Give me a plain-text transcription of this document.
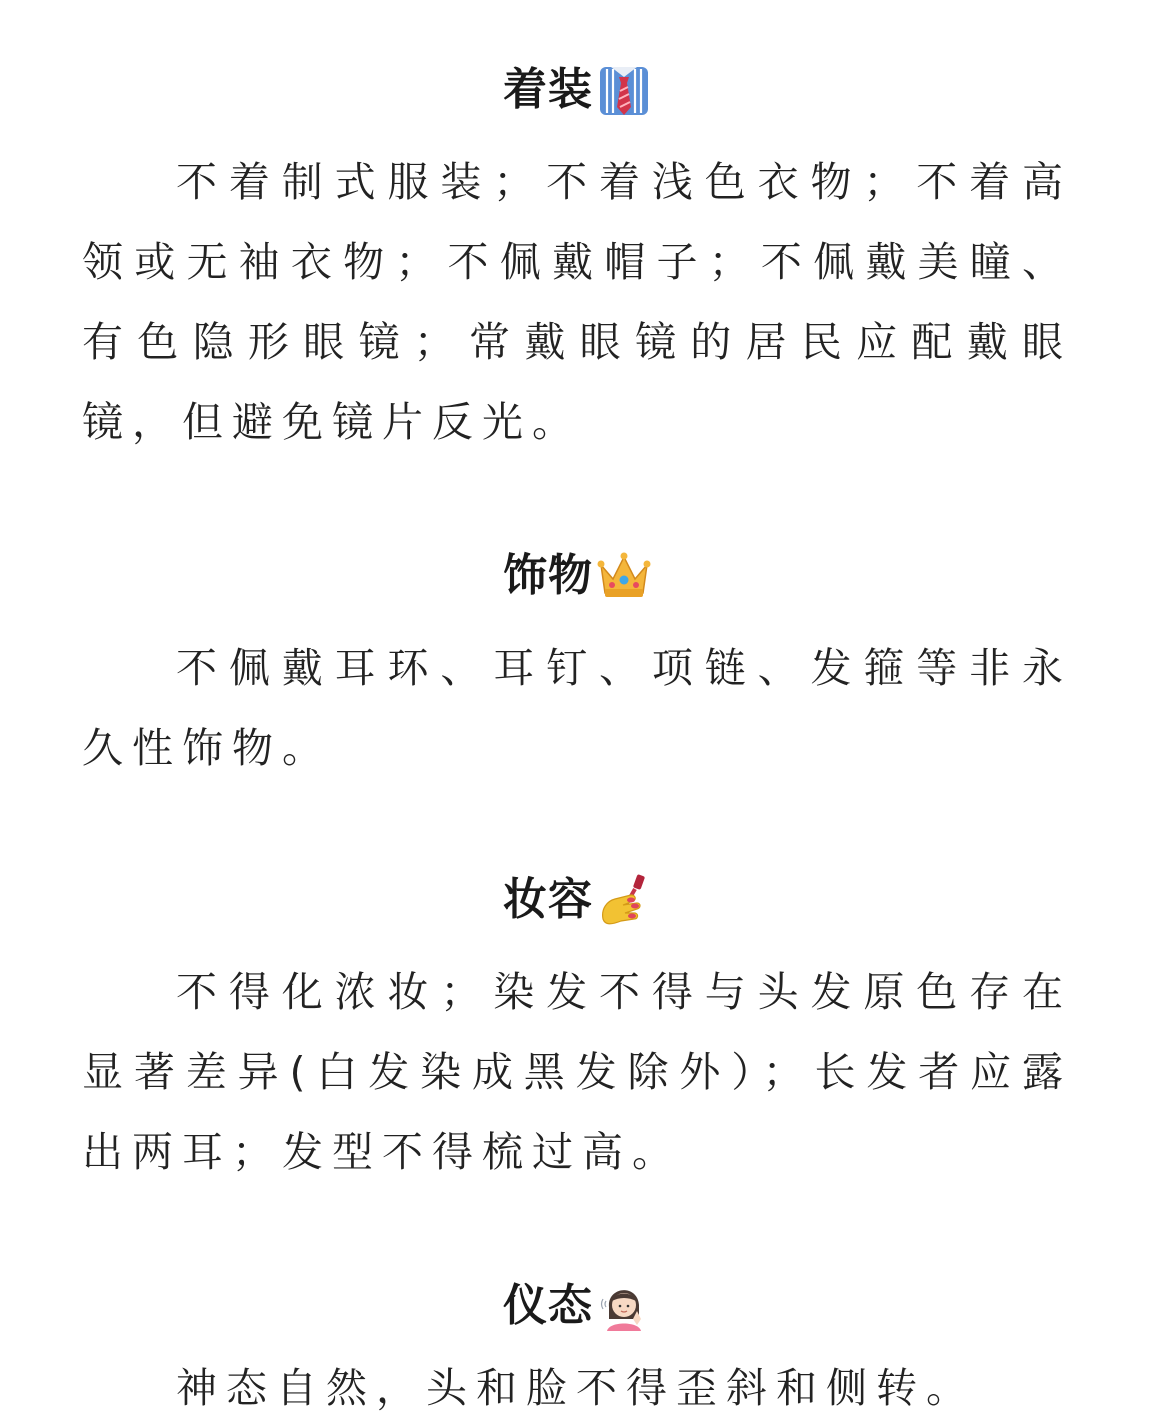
着装

不着制式服装；不着浅色衣物；不着高领或无袖衣物；不佩戴帽子；不佩戴美瞳、有色隐形眼镜；常戴眼镜的居民应配戴眼镜，但避免镜片反光。

饰物

不佩戴耳环、耳钉、项链、发箍等非永久性饰物。

妆容

不得化浓妆；染发不得与头发原色存在显著差异(白发染成黑发除外）；长发者应露出两耳；发型不得梳过高。

仪态

神态自然，头和脸不得歪斜和侧转。
